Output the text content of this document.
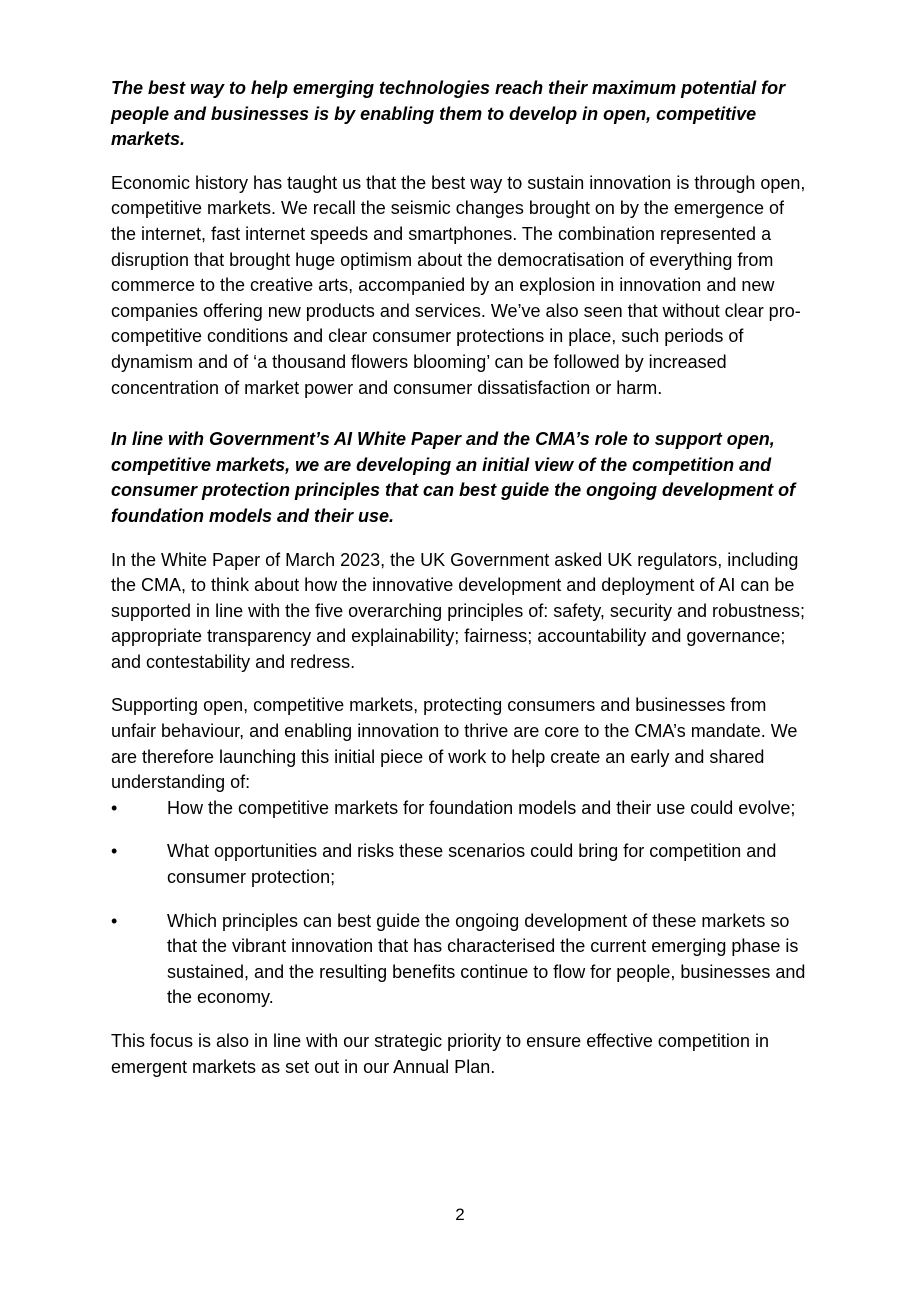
The best way to help emerging technologies reach their maximum potential for people and businesses is by enabling them to develop in open, competitive markets.

Economic history has taught us that the best way to sustain innovation is through open, competitive markets. We recall the seismic changes brought on by the emergence of the internet, fast internet speeds and smartphones. The combination represented a disruption that brought huge optimism about the democratisation of everything from commerce to the creative arts, accompanied by an explosion in innovation and new companies offering new products and services. We’ve also seen that without clear pro-competitive conditions and clear consumer protections in place, such periods of dynamism and of ‘a thousand flowers blooming’ can be followed by increased concentration of market power and consumer dissatisfaction or harm.

In line with Government’s AI White Paper and the CMA’s role to support open, competitive markets, we are developing an initial view of the competition and consumer protection principles that can best guide the ongoing development of foundation models and their use.

In the White Paper of March 2023, the UK Government asked UK regulators, including the CMA, to think about how the innovative development and deployment of AI can be supported in line with the five overarching principles of: safety, security and robustness; appropriate transparency and explainability; fairness; accountability and governance; and contestability and redress.

Supporting open, competitive markets, protecting consumers and businesses from unfair behaviour, and enabling innovation to thrive are core to the CMA’s mandate. We are therefore launching this initial piece of work to help create an early and shared understanding of:

•	How the competitive markets for foundation models and their use could evolve;
•	What opportunities and risks these scenarios could bring for competition and consumer protection;
•	Which principles can best guide the ongoing development of these markets so that the vibrant innovation that has characterised the current emerging phase is sustained, and the resulting benefits continue to flow for people, businesses and the economy.

This focus is also in line with our strategic priority to ensure effective competition in emergent markets as set out in our Annual Plan.

2
